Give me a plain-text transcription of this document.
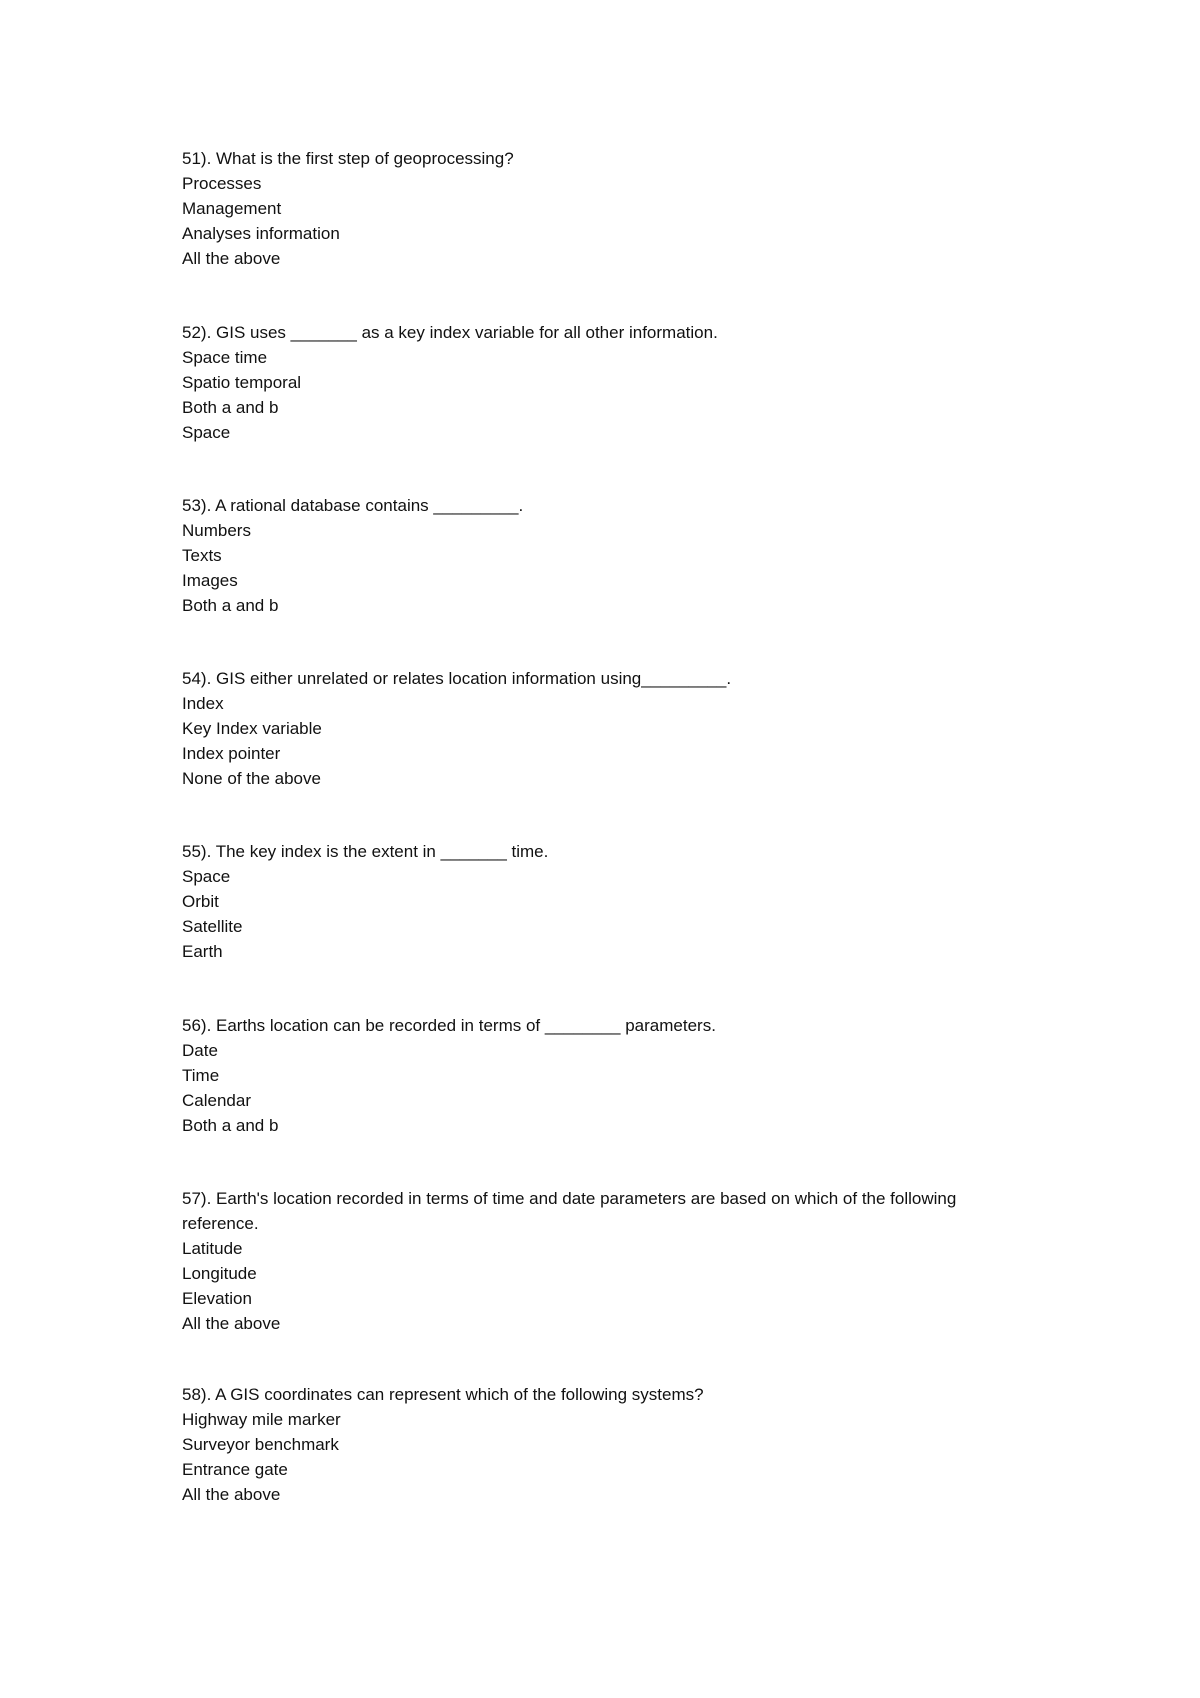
51). What is the first step of geoprocessing?

Processes

Management

Analyses information

All the above

52). GIS uses _______ as a key index variable for all other information.

Space time

Spatio temporal

Both a and b

Space

53). A rational database contains _________.

Numbers

Texts

Images

Both a and b

54). GIS either unrelated or relates location information using_________.

Index

Key Index variable

Index pointer

None of the above

55). The key index is the extent in _______ time.

Space

Orbit

Satellite

Earth

56). Earths location can be recorded in terms of ________ parameters.

Date

Time

Calendar

Both a and b

57). Earth's location recorded in terms of time and date parameters are based on which of the following reference.

Latitude

Longitude

Elevation

All the above

58). A GIS coordinates can represent which of the following systems?

Highway mile marker

Surveyor benchmark

Entrance gate

All the above
